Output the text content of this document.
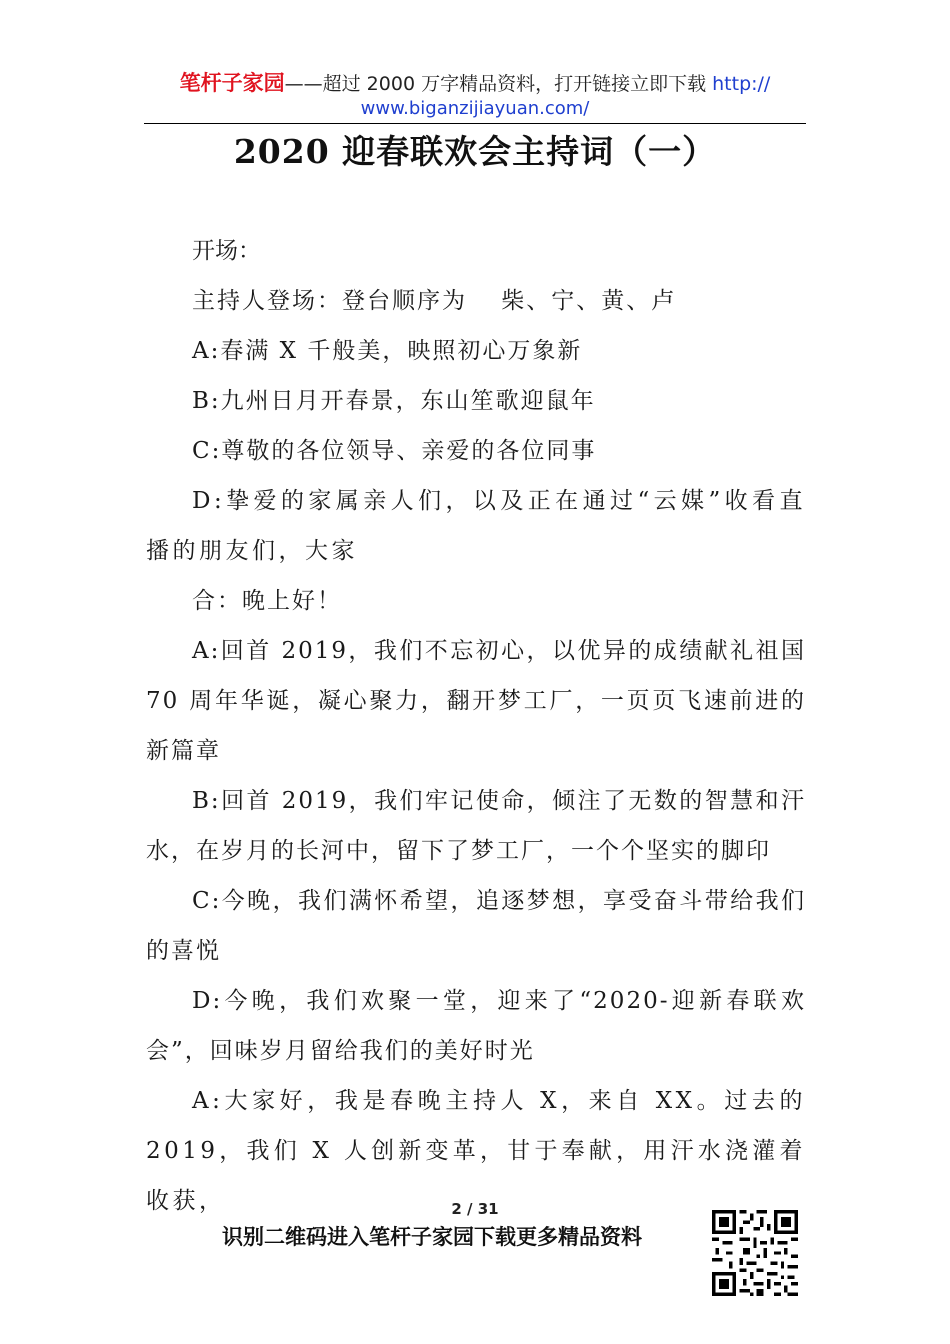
笔杆子家园——超过 2000 万字精品资料，打开链接立即下载 http://
www.biganzijiayuan.com/
2020 迎春联欢会主持词（一）

开场：

主持人登场：登台顺序为　 柴、宁、黄、卢

A:春满 X 千般美，映照初心万象新

B:九州日月开春景，东山笙歌迎鼠年

C:尊敬的各位领导、亲爱的各位同事

D:挚爱的家属亲人们，以及正在通过“云媒”收看直播的朋友们，大家

合：晚上好！

A:回首 2019，我们不忘初心，以优异的成绩献礼祖国 70 周年华诞，凝心聚力，翻开梦工厂，一页页飞速前进的新篇章

B:回首 2019，我们牢记使命，倾注了无数的智慧和汗水，在岁月的长河中，留下了梦工厂，一个个坚实的脚印

C:今晚，我们满怀希望，追逐梦想，享受奋斗带给我们的喜悦

D:今晚，我们欢聚一堂，迎来了“2020-迎新春联欢会”，回味岁月留给我们的美好时光

A:大家好，我是春晚主持人 X，来自 XX。过去的 2019，我们 X 人创新变革，甘于奉献，用汗水浇灌着收获，	2 / 31
识别二维码进入笔杆子家园下载更多精品资料
